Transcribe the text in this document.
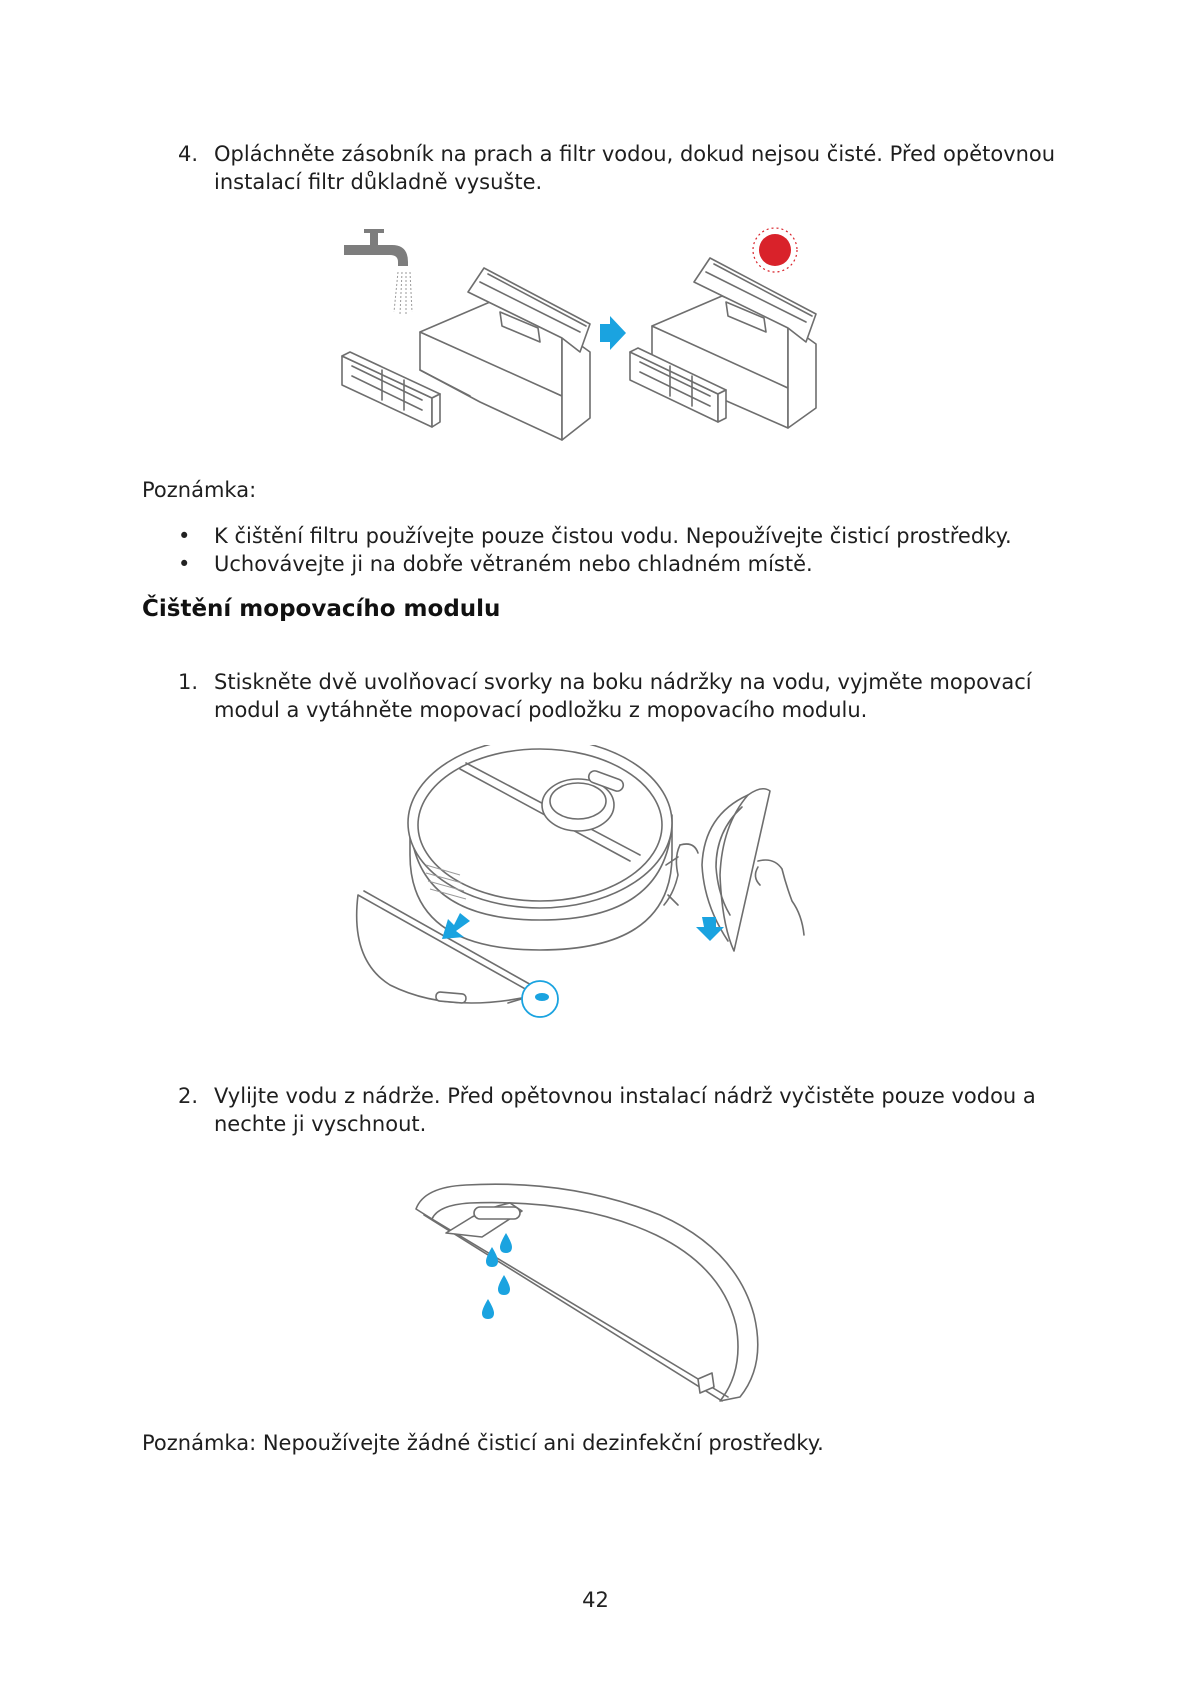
4. Opláchněte zásobník na prach a filtr vodou, dokud nejsou čisté. Před opětovnou
instalací filtr důkladně vysušte.
Poznámka:
• K čištění filtru používejte pouze čistou vodu. Nepoužívejte čisticí prostředky.
• Uchovávejte ji na dobře větraném nebo chladném místě.
Čištění mopovacího modulu
1. Stiskněte dvě uvolňovací svorky na boku nádržky na vodu, vyjměte mopovací
modul a vytáhněte mopovací podložku z mopovacího modulu.
2. Vylijte vodu z nádrže. Před opětovnou instalací nádrž vyčistěte pouze vodou a
nechte ji vyschnout.
Poznámka: Nepoužívejte žádné čisticí ani dezinfekční prostředky.
42
